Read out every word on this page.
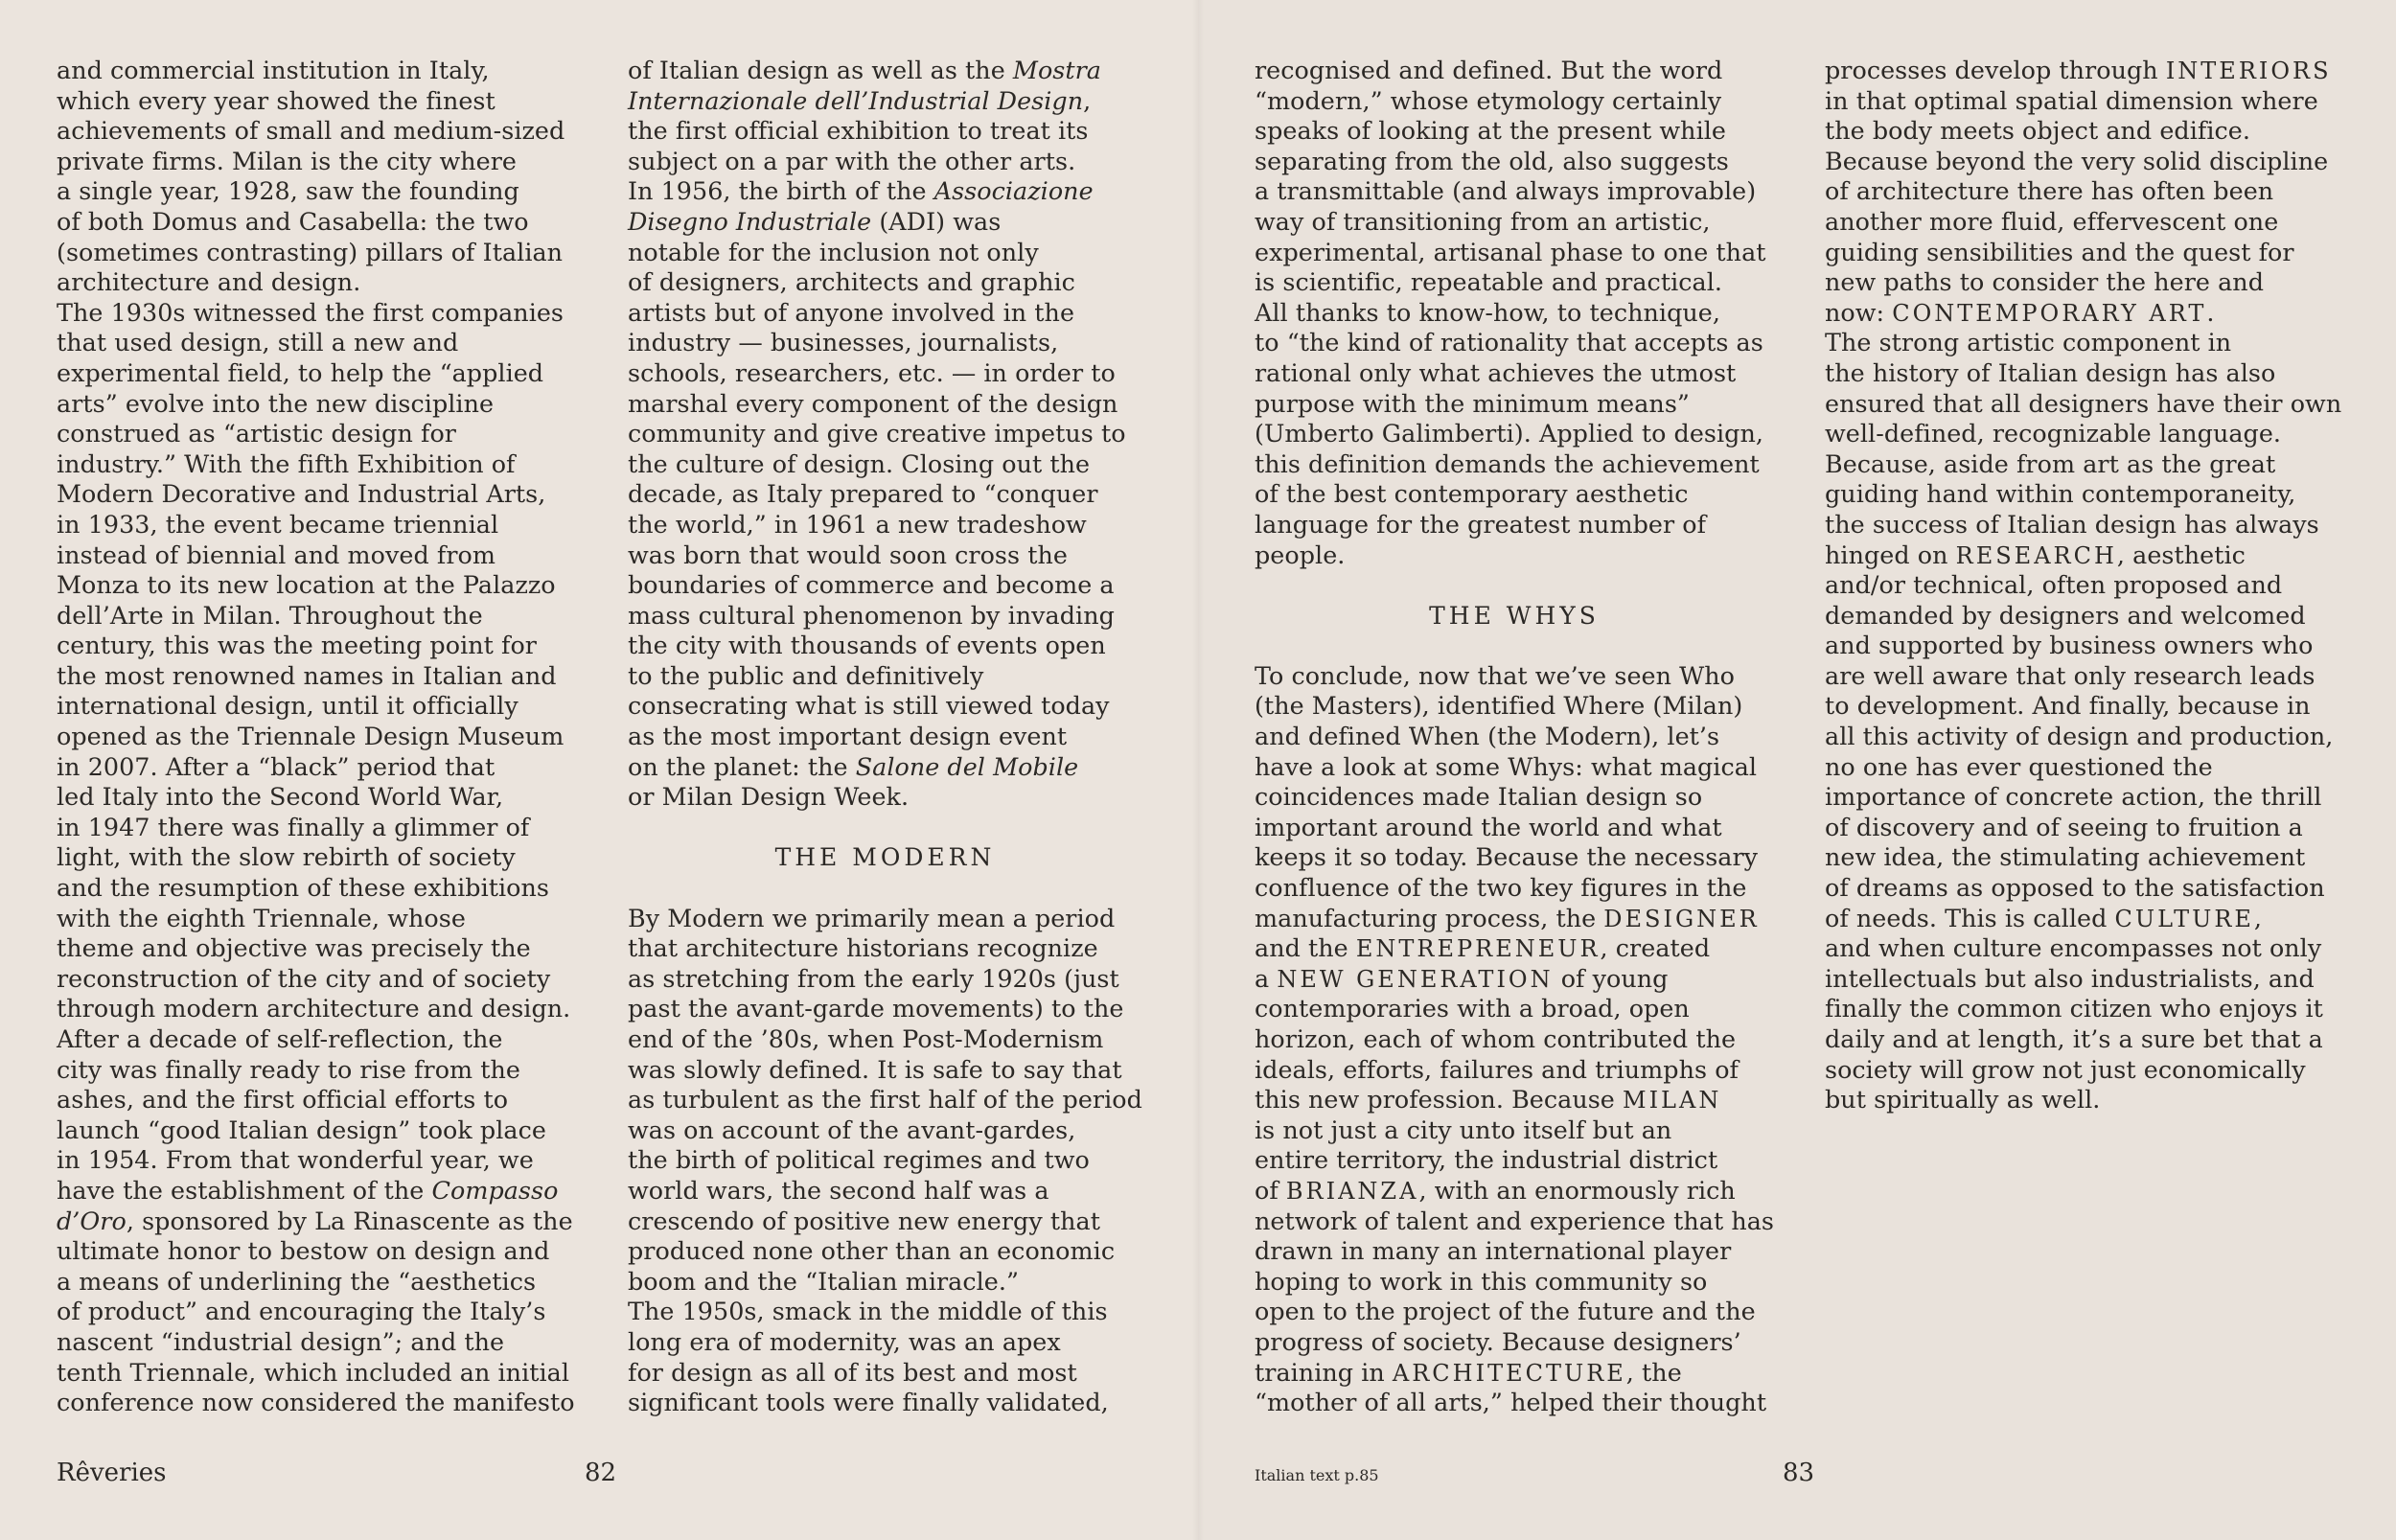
and commercial institution in Italy,
which every year showed the finest
achievements of small and medium-sized
private firms. Milan is the city where
a single year, 1928, saw the founding
of both Domus and Casabella: the two
(sometimes contrasting) pillars of Italian
architecture and design.
The 1930s witnessed the first companies
that used design, still a new and
experimental field, to help the “applied
arts” evolve into the new discipline
construed as “artistic design for
industry.” With the fifth Exhibition of
Modern Decorative and Industrial Arts,
in 1933, the event became triennial
instead of biennial and moved from
Monza to its new location at the Palazzo
dell’Arte in Milan. Throughout the
century, this was the meeting point for
the most renowned names in Italian and
international design, until it officially
opened as the Triennale Design Museum
in 2007. After a “black” period that
led Italy into the Second World War,
in 1947 there was finally a glimmer of
light, with the slow rebirth of society
and the resumption of these exhibitions
with the eighth Triennale, whose
theme and objective was precisely the
reconstruction of the city and of society
through modern architecture and design.
After a decade of self-reflection, the
city was finally ready to rise from the
ashes, and the first official efforts to
launch “good Italian design” took place
in 1954. From that wonderful year, we
have the establishment of the Compasso
d’Oro, sponsored by La Rinascente as the
ultimate honor to bestow on design and
a means of underlining the “aesthetics
of product” and encouraging the Italy’s
nascent “industrial design”; and the
tenth Triennale, which included an initial
conference now considered the manifesto
of Italian design as well as the Mostra
Internazionale dell’Industrial Design,
the first official exhibition to treat its
subject on a par with the other arts.
In 1956, the birth of the Associazione
Disegno Industriale (ADI) was
notable for the inclusion not only
of designers, architects and graphic
artists but of anyone involved in the
industry — businesses, journalists,
schools, researchers, etc. — in order to
marshal every component of the design
community and give creative impetus to
the culture of design. Closing out the
decade, as Italy prepared to “conquer
the world,” in 1961 a new tradeshow
was born that would soon cross the
boundaries of commerce and become a
mass cultural phenomenon by invading
the city with thousands of events open
to the public and definitively
consecrating what is still viewed today
as the most important design event
on the planet: the Salone del Mobile
or Milan Design Week.
THE MODERN
By Modern we primarily mean a period
that architecture historians recognize
as stretching from the early 1920s (just
past the avant-garde movements) to the
end of the ’80s, when Post-Modernism
was slowly defined. It is safe to say that
as turbulent as the first half of the period
was on account of the avant-gardes,
the birth of political regimes and two
world wars, the second half was a
crescendo of positive new energy that
produced none other than an economic
boom and the “Italian miracle.”
The 1950s, smack in the middle of this
long era of modernity, was an apex
for design as all of its best and most
significant tools were finally validated,
recognised and defined. But the word
“modern,” whose etymology certainly
speaks of looking at the present while
separating from the old, also suggests
a transmittable (and always improvable)
way of transitioning from an artistic,
experimental, artisanal phase to one that
is scientific, repeatable and practical.
All thanks to know-how, to technique,
to “the kind of rationality that accepts as
rational only what achieves the utmost
purpose with the minimum means”
(Umberto Galimberti). Applied to design,
this definition demands the achievement
of the best contemporary aesthetic
language for the greatest number of
people.
THE WHYS
To conclude, now that we’ve seen Who
(the Masters), identified Where (Milan)
and defined When (the Modern), let’s
have a look at some Whys: what magical
coincidences made Italian design so
important around the world and what
keeps it so today. Because the necessary
confluence of the two key figures in the
manufacturing process, the DESIGNER
and the ENTREPRENEUR, created
a NEW GENERATION of young
contemporaries with a broad, open
horizon, each of whom contributed the
ideals, efforts, failures and triumphs of
this new profession. Because MILAN
is not just a city unto itself but an
entire territory, the industrial district
of BRIANZA, with an enormously rich
network of talent and experience that has
drawn in many an international player
hoping to work in this community so
open to the project of the future and the
progress of society. Because designers’
training in ARCHITECTURE, the
“mother of all arts,” helped their thought
processes develop through INTERIORS
in that optimal spatial dimension where
the body meets object and edifice.
Because beyond the very solid discipline
of architecture there has often been
another more fluid, effervescent one
guiding sensibilities and the quest for
new paths to consider the here and
now: CONTEMPORARY ART.
The strong artistic component in
the history of Italian design has also
ensured that all designers have their own
well-defined, recognizable language.
Because, aside from art as the great
guiding hand within contemporaneity,
the success of Italian design has always
hinged on RESEARCH, aesthetic
and/or technical, often proposed and
demanded by designers and welcomed
and supported by business owners who
are well aware that only research leads
to development. And finally, because in
all this activity of design and production,
no one has ever questioned the
importance of concrete action, the thrill
of discovery and of seeing to fruition a
new idea, the stimulating achievement
of dreams as opposed to the satisfaction
of needs. This is called CULTURE,
and when culture encompasses not only
intellectuals but also industrialists, and
finally the common citizen who enjoys it
daily and at length, it’s a sure bet that a
society will grow not just economically
but spiritually as well.
Rêveries	82	Italian text p.85	83
